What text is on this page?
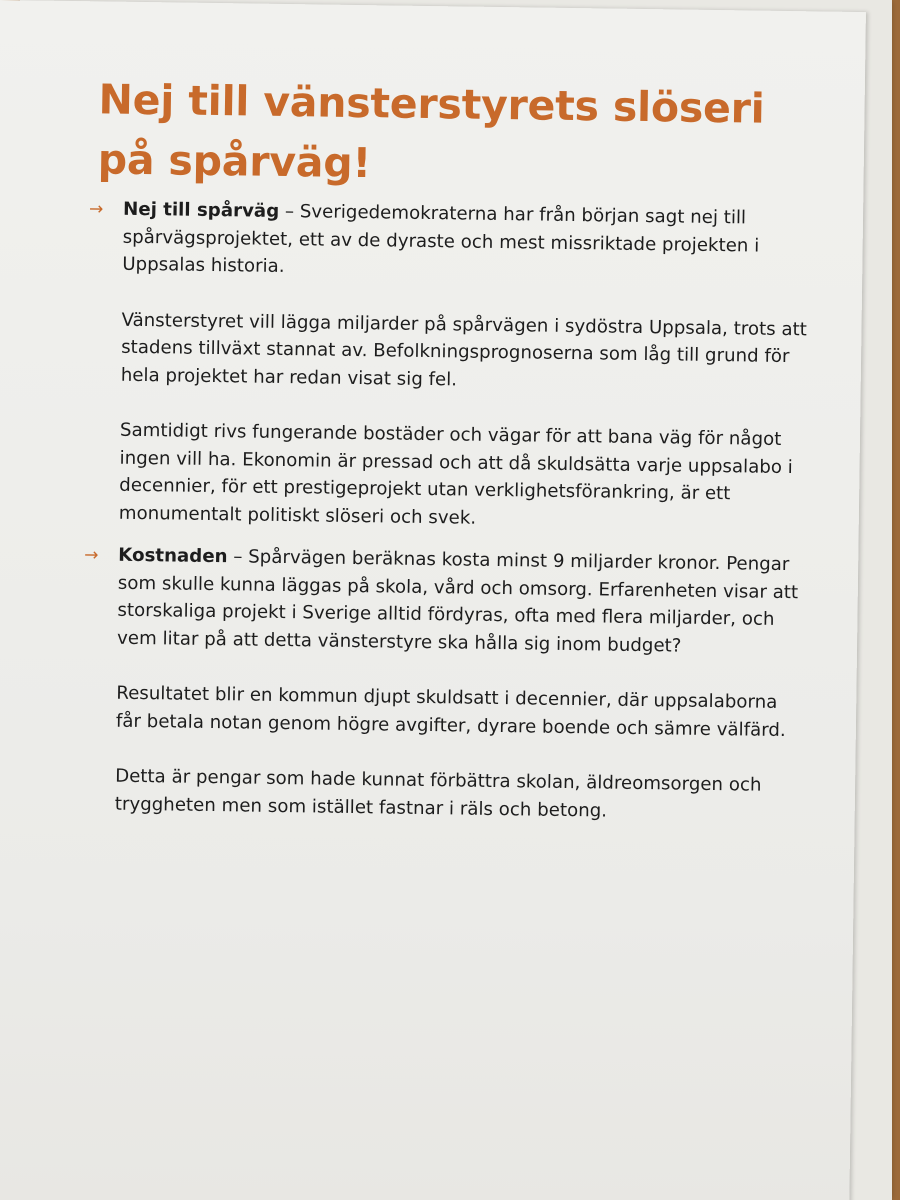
Nej till vänsterstyrets slöseri på spårväg!
→ Nej till spårväg – Sverigedemokraterna har från början sagt nej till spårvägsprojektet, ett av de dyraste och mest missriktade projekten i Uppsalas historia.

Vänsterstyret vill lägga miljarder på spårvägen i sydöstra Uppsala, trots att stadens tillväxt stannat av. Befolkningsprognoserna som låg till grund för hela projektet har redan visat sig fel.

Samtidigt rivs fungerande bostäder och vägar för att bana väg för något ingen vill ha. Ekonomin är pressad och att då skuldsätta varje uppsalabo i decennier, för ett prestigeprojekt utan verklighetsförankring, är ett monumentalt politiskt slöseri och svek.

→ Kostnaden – Spårvägen beräknas kosta minst 9 miljarder kronor. Pengar som skulle kunna läggas på skola, vård och omsorg. Erfarenheten visar att storskaliga projekt i Sverige alltid fördyras, ofta med flera miljarder, och vem litar på att detta vänsterstyre ska hålla sig inom budget?

Resultatet blir en kommun djupt skuldsatt i decennier, där uppsalaborna får betala notan genom högre avgifter, dyrare boende och sämre välfärd.

Detta är pengar som hade kunnat förbättra skolan, äldreomsorgen och tryggheten men som istället fastnar i räls och betong.
